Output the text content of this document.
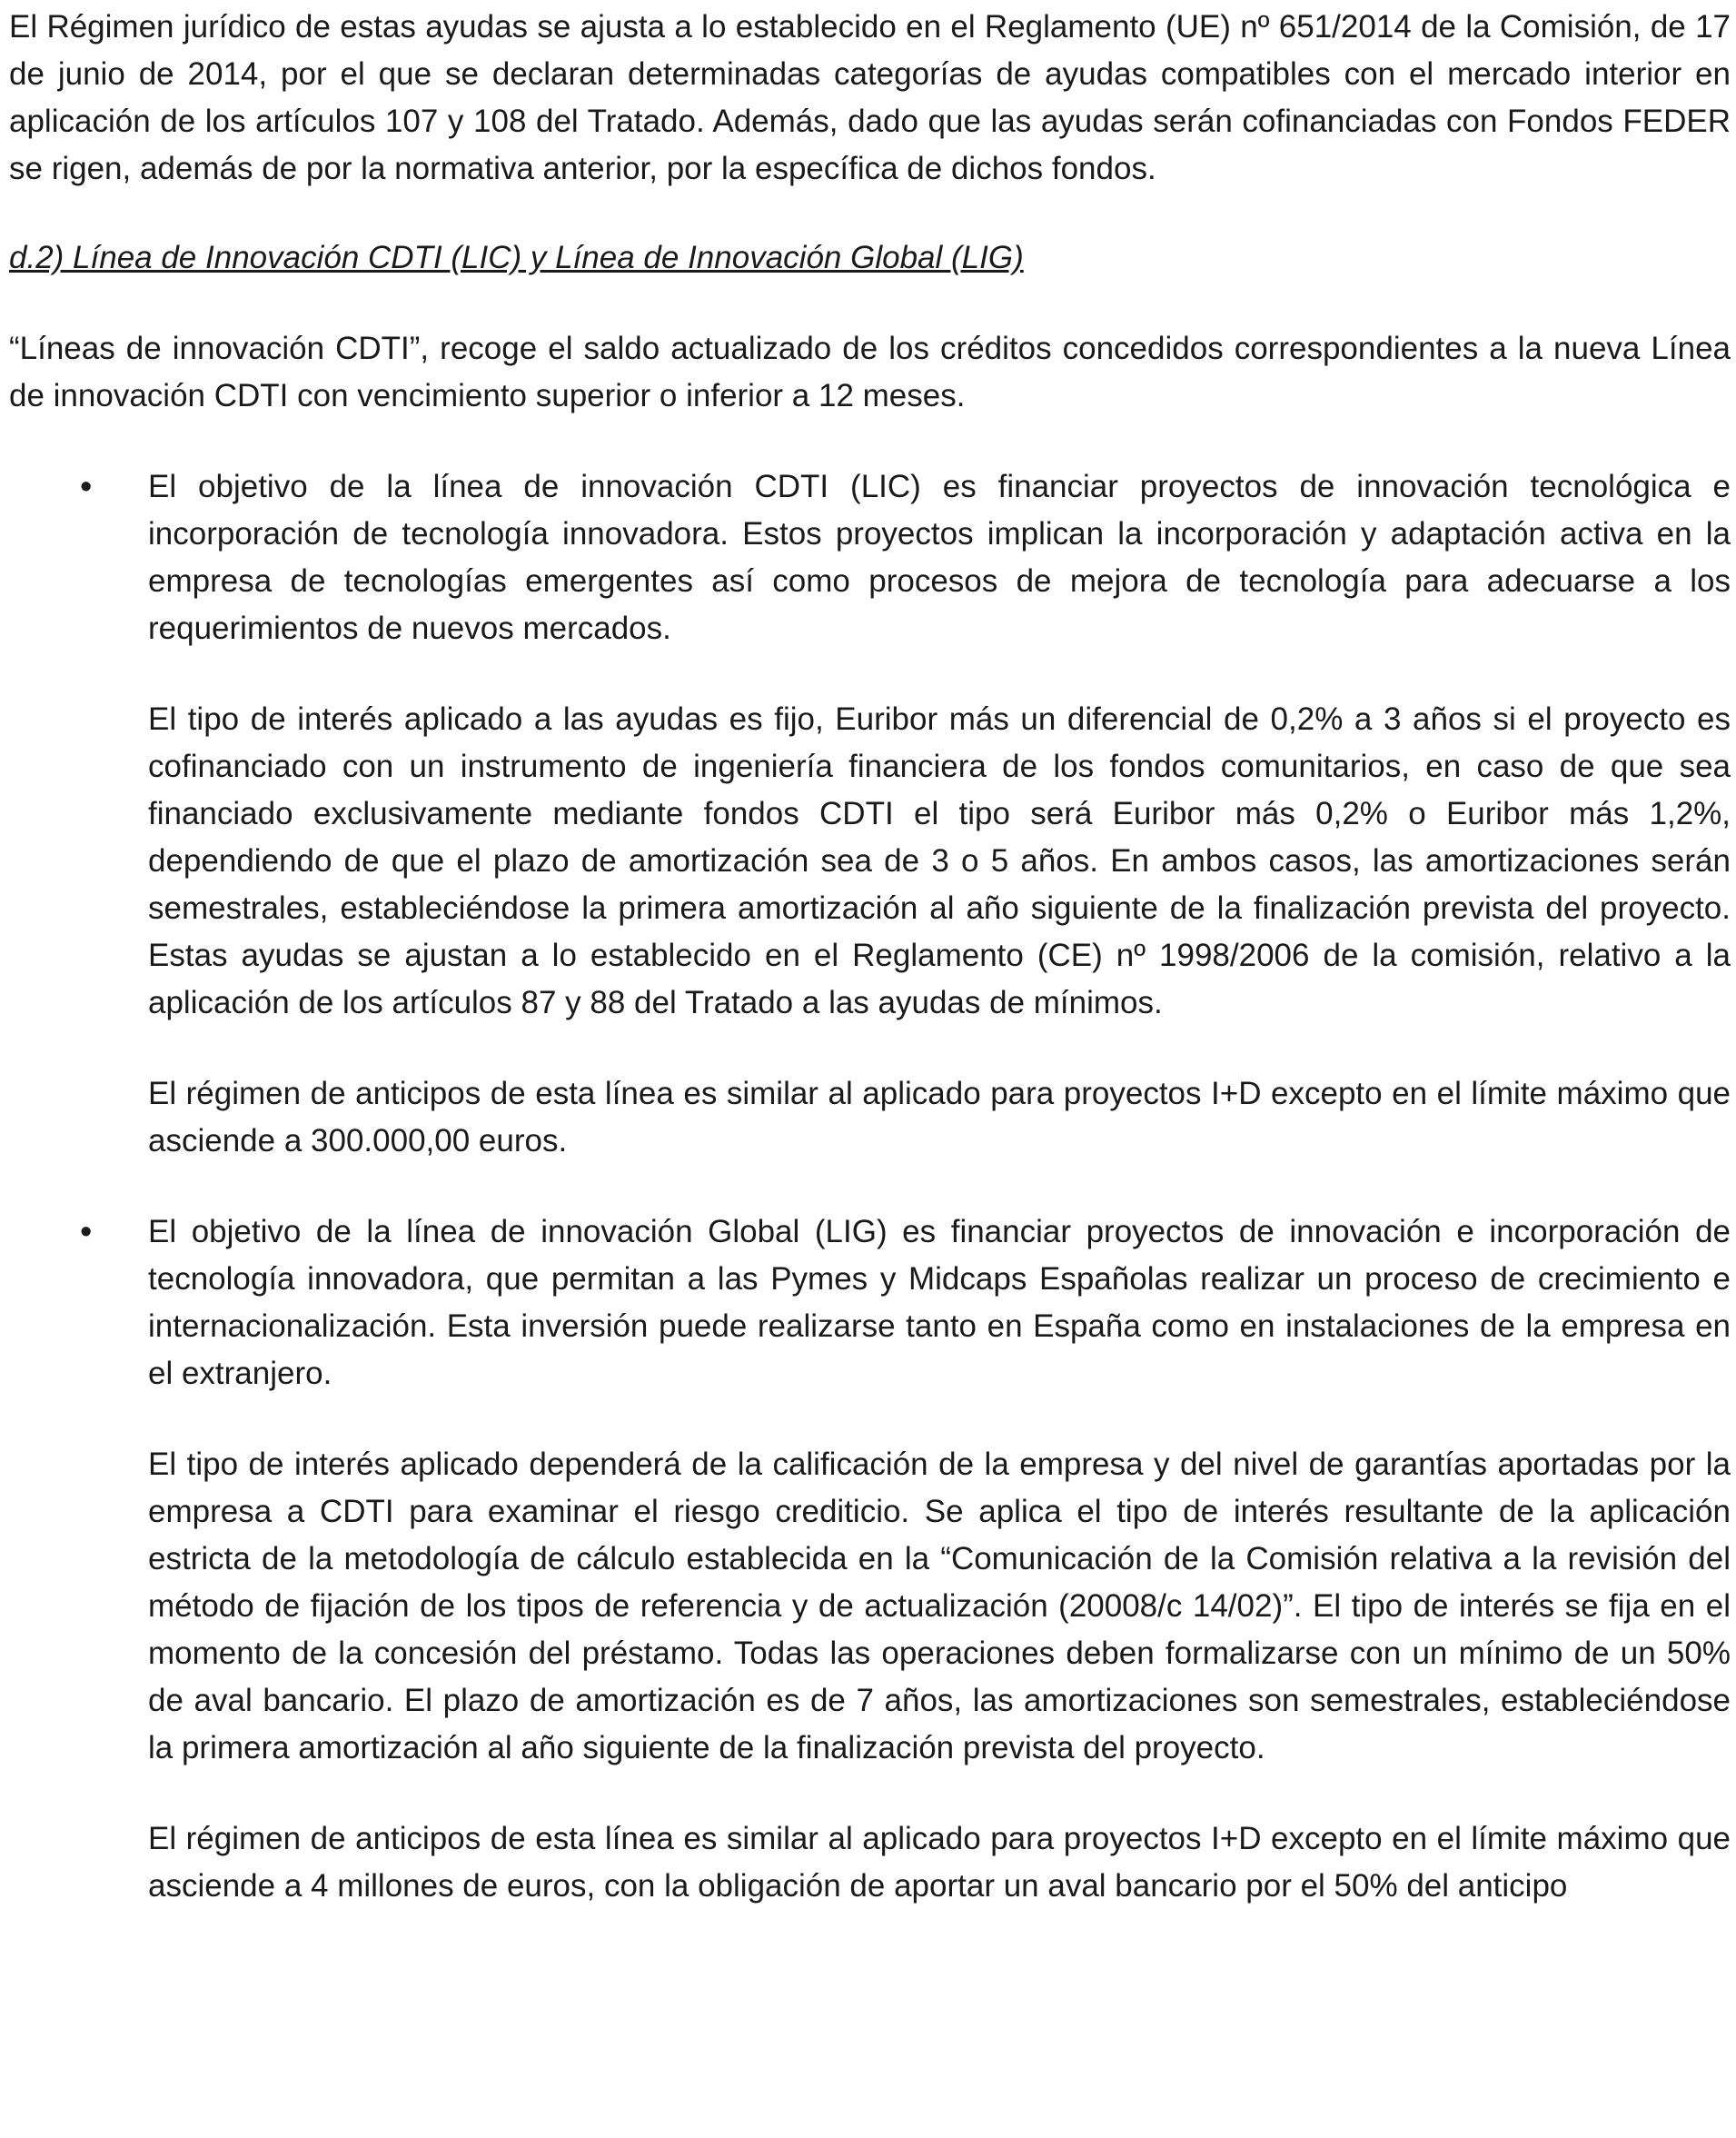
El Régimen jurídico de estas ayudas se ajusta a lo establecido en el Reglamento (UE) nº 651/2014 de la Comisión, de 17 de junio de 2014, por el que se declaran determinadas categorías de ayudas compatibles con el mercado interior en aplicación de los artículos 107 y 108 del Tratado. Además, dado que las ayudas serán cofinanciadas con Fondos FEDER se rigen, además de por la normativa anterior, por la específica de dichos fondos.

d.2) Línea de Innovación CDTI (LIC) y Línea de Innovación Global (LIG)

“Líneas de innovación CDTI”, recoge el saldo actualizado de los créditos concedidos correspondientes a la nueva Línea de innovación CDTI con vencimiento superior o inferior a 12 meses.

•	El objetivo de la línea de innovación CDTI (LIC) es financiar proyectos de innovación tecnológica e incorporación de tecnología innovadora. Estos proyectos implican la incorporación y adaptación activa en la empresa de tecnologías emergentes así como procesos de mejora de tecnología para adecuarse a los requerimientos de nuevos mercados.

El tipo de interés aplicado a las ayudas es fijo, Euribor más un diferencial de 0,2% a 3 años si el proyecto es cofinanciado con un instrumento de ingeniería financiera de los fondos comunitarios, en caso de que sea financiado exclusivamente mediante fondos CDTI el tipo será Euribor más 0,2% o Euribor más 1,2%, dependiendo de que el plazo de amortización sea de 3 o 5 años. En ambos casos, las amortizaciones serán semestrales, estableciéndose la primera amortización al año siguiente de la finalización prevista del proyecto. Estas ayudas se ajustan a lo establecido en el Reglamento (CE) nº 1998/2006 de la comisión, relativo a la aplicación de los artículos 87 y 88 del Tratado a las ayudas de mínimos.

El régimen de anticipos de esta línea es similar al aplicado para proyectos I+D excepto en el límite máximo que asciende a 300.000,00 euros.

•	El objetivo de la línea de innovación Global (LIG) es financiar proyectos de innovación e incorporación de tecnología innovadora, que permitan a las Pymes y Midcaps Españolas realizar un proceso de crecimiento e internacionalización. Esta inversión puede realizarse tanto en España como en instalaciones de la empresa en el extranjero.

El tipo de interés aplicado dependerá de la calificación de la empresa y del nivel de garantías aportadas por la empresa a CDTI para examinar el riesgo crediticio. Se aplica el tipo de interés resultante de la aplicación estricta de la metodología de cálculo establecida en la “Comunicación de la Comisión relativa a la revisión del método de fijación de los tipos de referencia y de actualización (20008/c 14/02)”. El tipo de interés se fija en el momento de la concesión del préstamo. Todas las operaciones deben formalizarse con un mínimo de un 50% de aval bancario. El plazo de amortización es de 7 años, las amortizaciones son semestrales, estableciéndose la primera amortización al año siguiente de la finalización prevista del proyecto.

El régimen de anticipos de esta línea es similar al aplicado para proyectos I+D excepto en el límite máximo que asciende a 4 millones de euros, con la obligación de aportar un aval bancario por el 50% del anticipo
